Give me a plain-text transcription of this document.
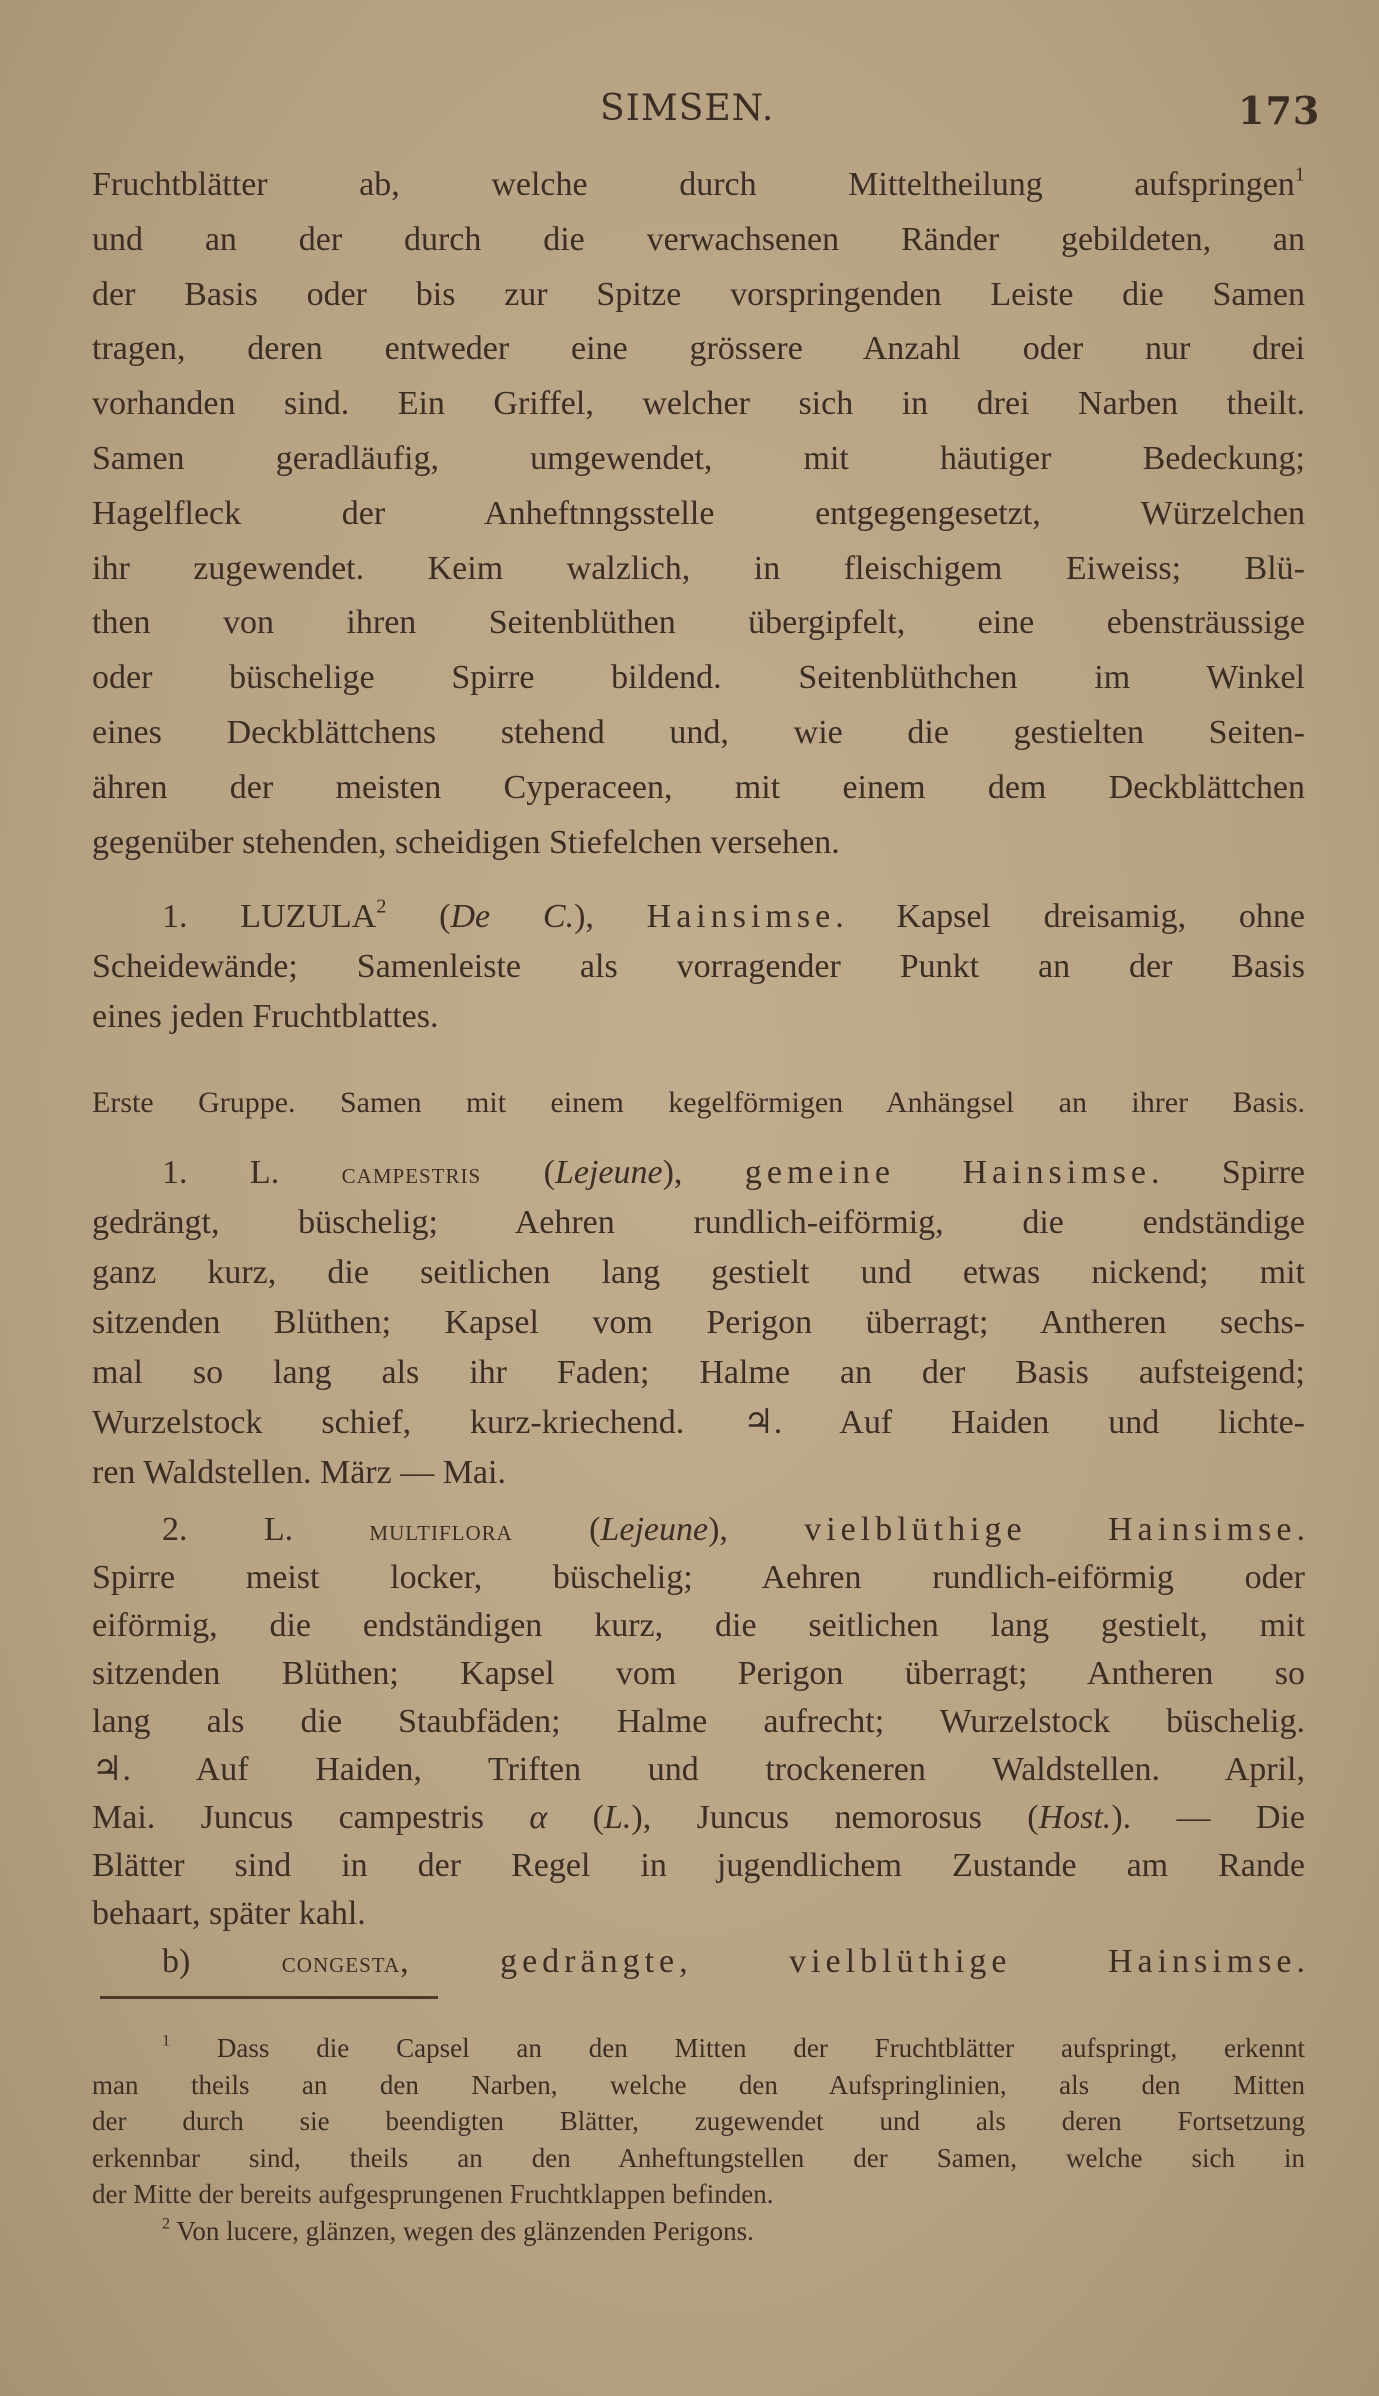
SIMSEN.	173
Fruchtblätter ab, welche durch Mitteltheilung aufspringen$^1$
und an der durch die verwachsenen Ränder gebildeten, an
der Basis oder bis zur Spitze vorspringenden Leiste die Samen
tragen, deren entweder eine grössere Anzahl oder nur drei
vorhanden sind. Ein Griffel, welcher sich in drei Narben theilt.
Samen geradläufig, umgewendet, mit häutiger Bedeckung;
Hagelfleck der Anheftnngsstelle entgegengesetzt, Würzelchen
ihr zugewendet. Keim walzlich, in fleischigem Eiweiss; Blü-
then von ihren Seitenblüthen übergipfelt, eine ebensträussige
oder büschelige Spirre bildend. Seitenblüthchen im Winkel
eines Deckblättchens stehend und, wie die gestielten Seiten-
ähren der meisten Cyperaceen, mit einem dem Deckblättchen
gegenüber stehenden, scheidigen Stiefelchen versehen.
1. LUZULA$^2$ (De C.), Hainsimse. Kapsel dreisamig, ohne
Scheidewände; Samenleiste als vorragender Punkt an der Basis
eines jeden Fruchtblattes.
Erste Gruppe. Samen mit einem kegelförmigen Anhängsel an ihrer Basis.
1. L. campestris (Lejeune), gemeine Hainsimse. Spirre
gedrängt, büschelig; Aehren rundlich-eiförmig, die endständige
ganz kurz, die seitlichen lang gestielt und etwas nickend; mit
sitzenden Blüthen; Kapsel vom Perigon überragt; Antheren sechs-
mal so lang als ihr Faden; Halme an der Basis aufsteigend;
Wurzelstock schief, kurz-kriechend. ♃. Auf Haiden und lichte-
ren Waldstellen. März — Mai.
2. L. multiflora (Lejeune), vielblüthige Hainsimse.
Spirre meist locker, büschelig; Aehren rundlich-eiförmig oder
eiförmig, die endständigen kurz, die seitlichen lang gestielt, mit
sitzenden Blüthen; Kapsel vom Perigon überragt; Antheren so
lang als die Staubfäden; Halme aufrecht; Wurzelstock büschelig.
♃. Auf Haiden, Triften und trockeneren Waldstellen. April,
Mai. Juncus campestris α (L.), Juncus nemorosus (Host.). — Die
Blätter sind in der Regel in jugendlichem Zustande am Rande
behaart, später kahl.
b) congesta, gedrängte, vielblüthige Hainsimse.
$^1$ Dass die Capsel an den Mitten der Fruchtblätter aufspringt, erkennt
man theils an den Narben, welche den Aufspringlinien, als den Mitten
der durch sie beendigten Blätter, zugewendet und als deren Fortsetzung
erkennbar sind, theils an den Anheftungstellen der Samen, welche sich in
der Mitte der bereits aufgesprungenen Fruchtklappen befinden.
$^2$ Von lucere, glänzen, wegen des glänzenden Perigons.
